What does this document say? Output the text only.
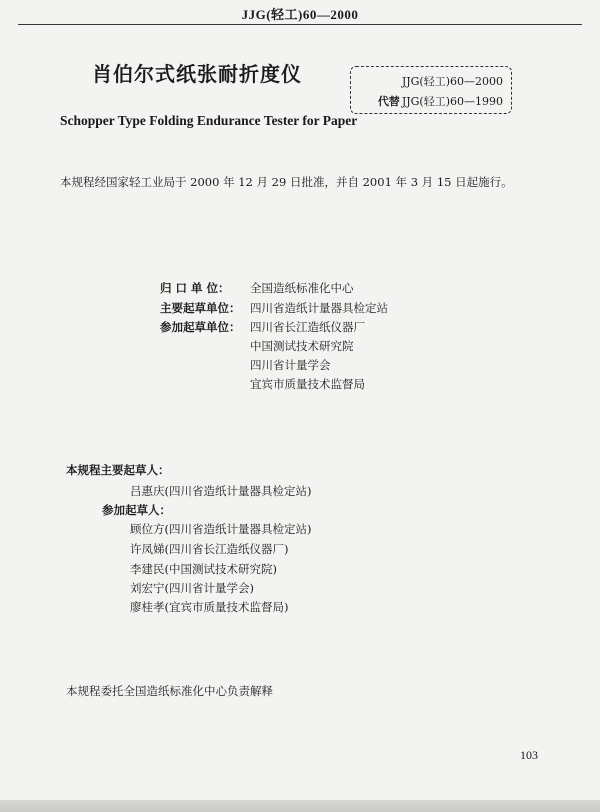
JJG(轻工)60—2000
肖伯尔式纸张耐折度仪
Schopper Type Folding Endurance Tester for Paper
JJG(轻工)60—2000
代替 JJG(轻工)60—1990
本规程经国家轻工业局于 2000 年 12 月 29 日批准，并自 2001 年 3 月 15 日起施行。
归 口 单 位： 全国造纸标准化中心
主要起草单位： 四川省造纸计量器具检定站
参加起草单位： 四川省长江造纸仪器厂
中国测试技术研究院
四川省计量学会
宜宾市质量技术监督局
本规程主要起草人：
吕惠庆(四川省造纸计量器具检定站)
参加起草人：
顾位方(四川省造纸计量器具检定站)
许凤娣(四川省长江造纸仪器厂)
李建民(中国测试技术研究院)
刘宏宁(四川省计量学会)
廖桂孝(宜宾市质量技术监督局)
本规程委托全国造纸标准化中心负责解释
103
